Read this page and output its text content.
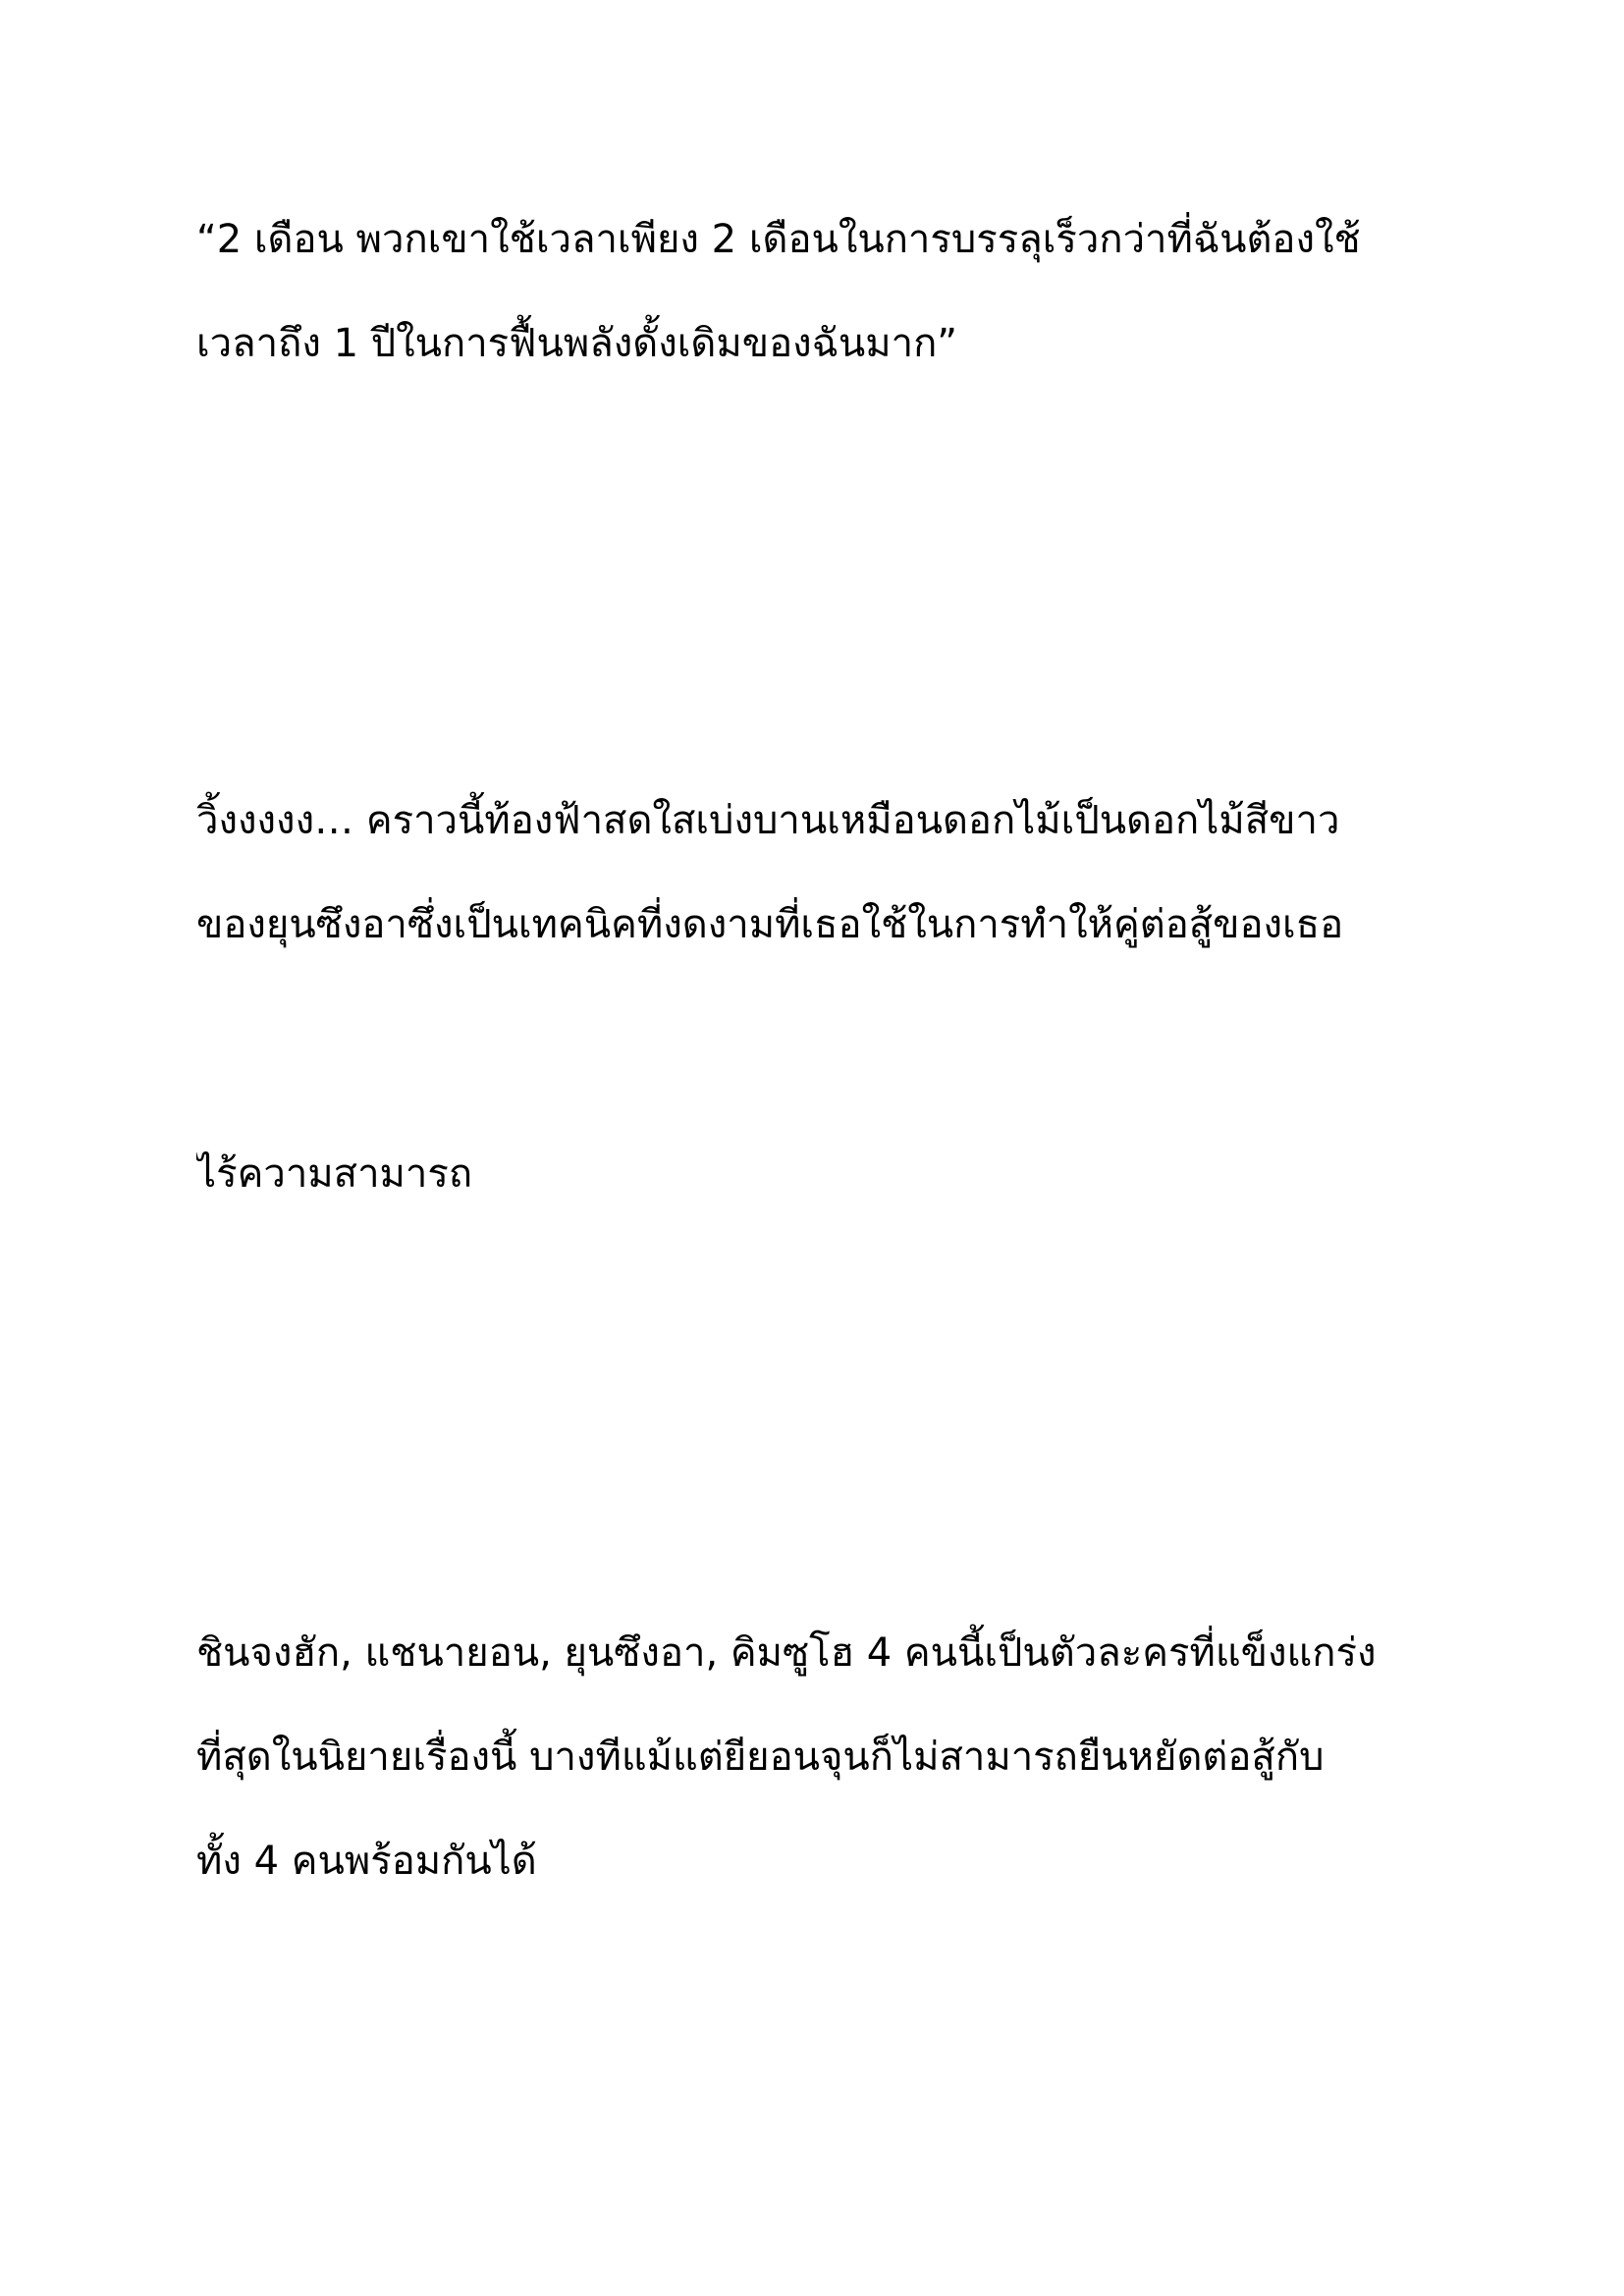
“2 เดือน พวกเขาใช้เวลาเพียง 2 เดือนในการบรรลุเร็วกว่าที่ฉันต้องใช้
เวลาถึง 1 ปีในการฟื้นพลังดั้งเดิมของฉันมาก”
วิ้งงงงง… คราวนี้ท้องฟ้าสดใสเบ่งบานเหมือนดอกไม้เป็นดอกไม้สีขาว
ของยุนซึงอาซึ่งเป็นเทคนิคที่งดงามที่เธอใช้ในการทำให้คู่ต่อสู้ของเธอ
ไร้ความสามารถ
ชินจงฮัก, แชนายอน, ยุนซึงอา, คิมซูโฮ 4 คนนี้เป็นตัวละครที่แข็งแกร่ง
ที่สุดในนิยายเรื่องนี้ บางทีแม้แต่ยียอนจุนก็ไม่สามารถยืนหยัดต่อสู้กับ
ทั้ง 4 คนพร้อมกันได้
